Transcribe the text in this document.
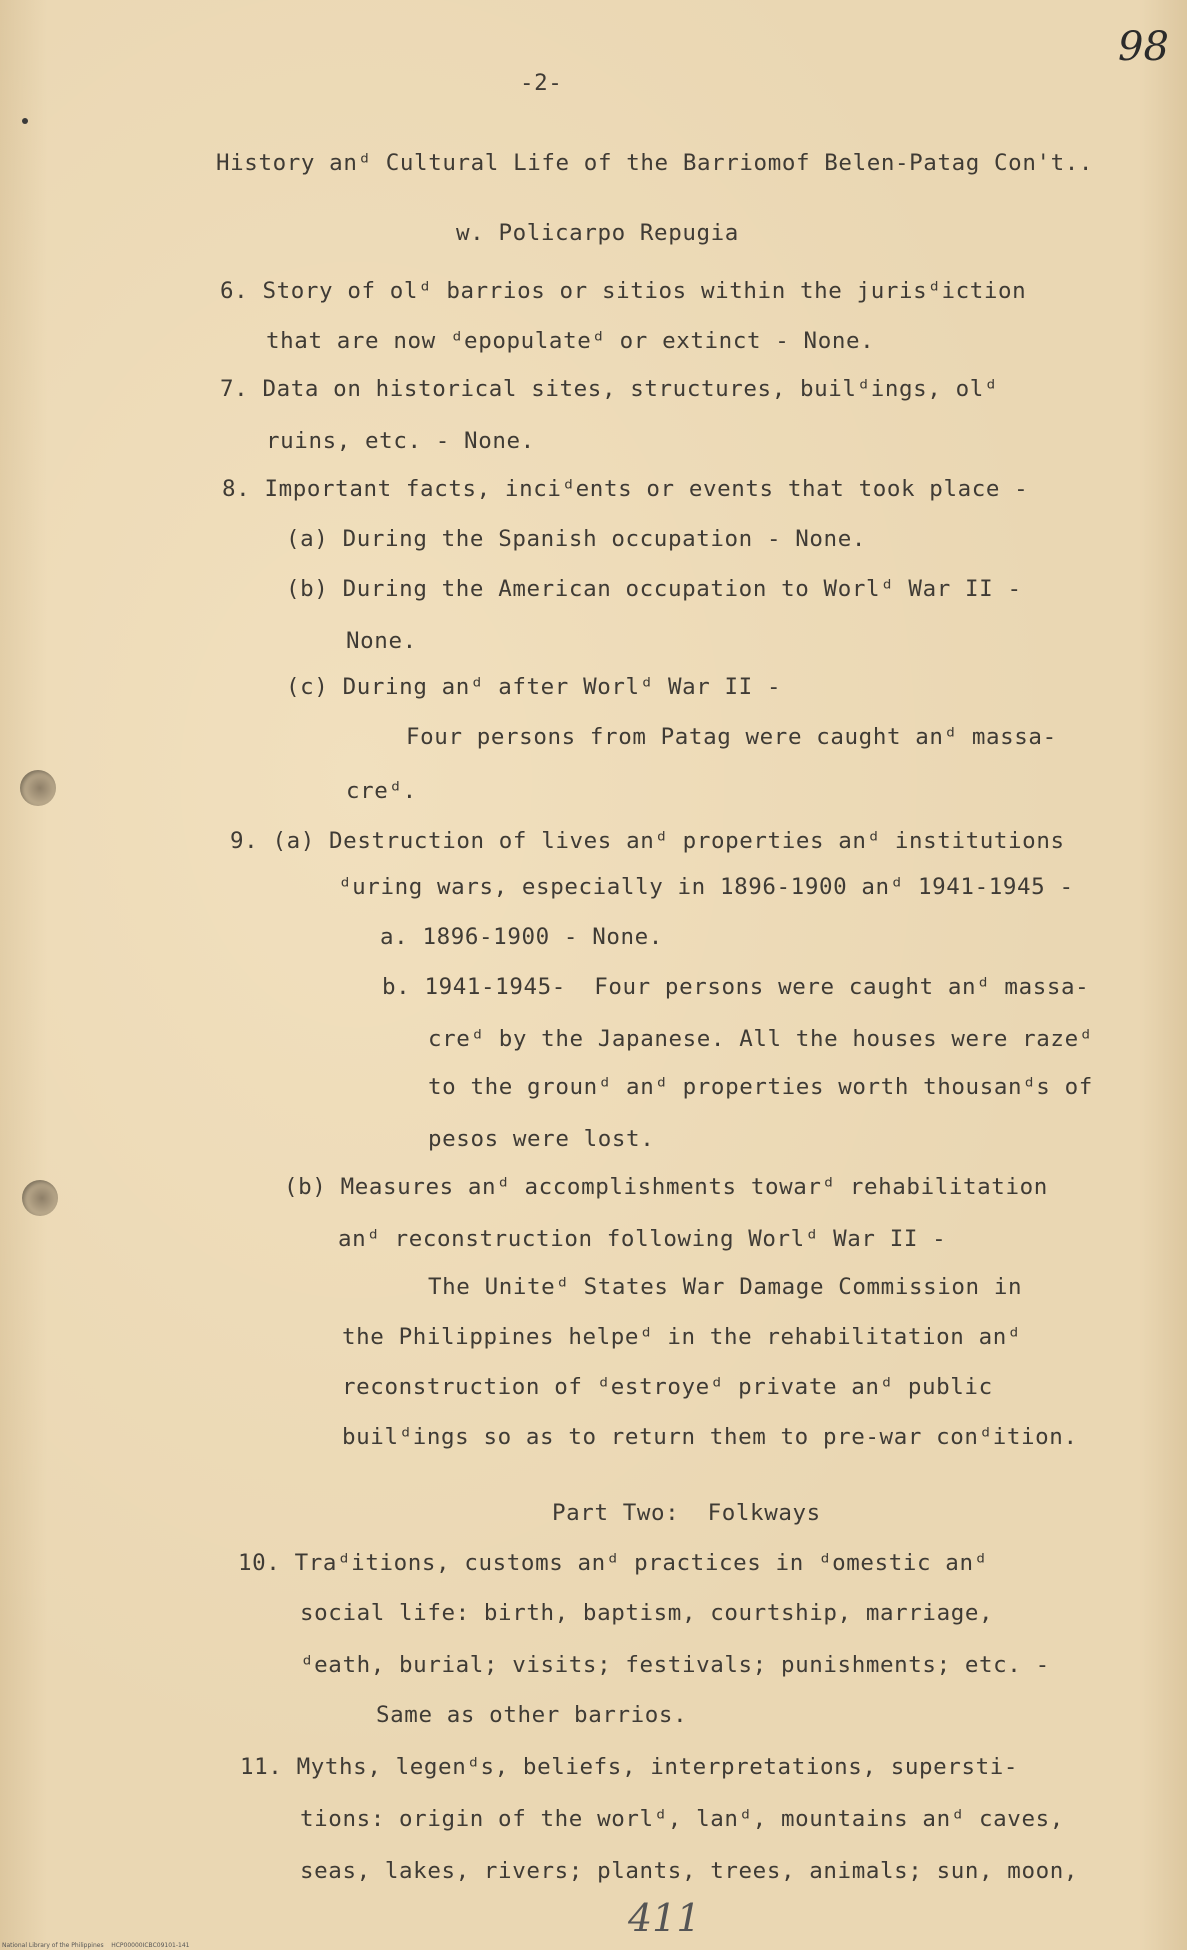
98
-2-
History anᵈ Cultural Life of the Barriomof Belen-Patag Con't..
w. Policarpo Repugia
6. Story of olᵈ barrios or sitios within the jurisᵈiction
that are now ᵈepopulateᵈ or extinct - None.
7. Data on historical sites, structures, builᵈings, olᵈ
ruins, etc. - None.
8. Important facts, inciᵈents or events that took place -
(a) During the Spanish occupation - None.
(b) During the American occupation to Worlᵈ War II -
None.
(c) During anᵈ after Worlᵈ War II -
Four persons from Patag were caught anᵈ massa-
creᵈ.
9. (a) Destruction of lives anᵈ properties anᵈ institutions
ᵈuring wars, especially in 1896-1900 anᵈ 1941-1945 -
a. 1896-1900 - None.
b. 1941-1945-  Four persons were caught anᵈ massa-
creᵈ by the Japanese. All the houses were razeᵈ
to the grounᵈ anᵈ properties worth thousanᵈs of
pesos were lost.
(b) Measures anᵈ accomplishments towarᵈ rehabilitation
anᵈ reconstruction following Worlᵈ War II -
The Uniteᵈ States War Damage Commission in
the Philippines helpeᵈ in the rehabilitation anᵈ
reconstruction of ᵈestroyeᵈ private anᵈ public
builᵈings so as to return them to pre-war conᵈition.
Part Two:  Folkways
10. Traᵈitions, customs anᵈ practices in ᵈomestic anᵈ
social life: birth, baptism, courtship, marriage,
ᵈeath, burial; visits; festivals; punishments; etc. -
Same as other barrios.
11. Myths, legenᵈs, beliefs, interpretations, supersti-
tions: origin of the worlᵈ, lanᵈ, mountains anᵈ caves,
seas, lakes, rivers; plants, trees, animals; sun, moon,
411
National Library of the Philippines    HCP00000ICBC09101-141
